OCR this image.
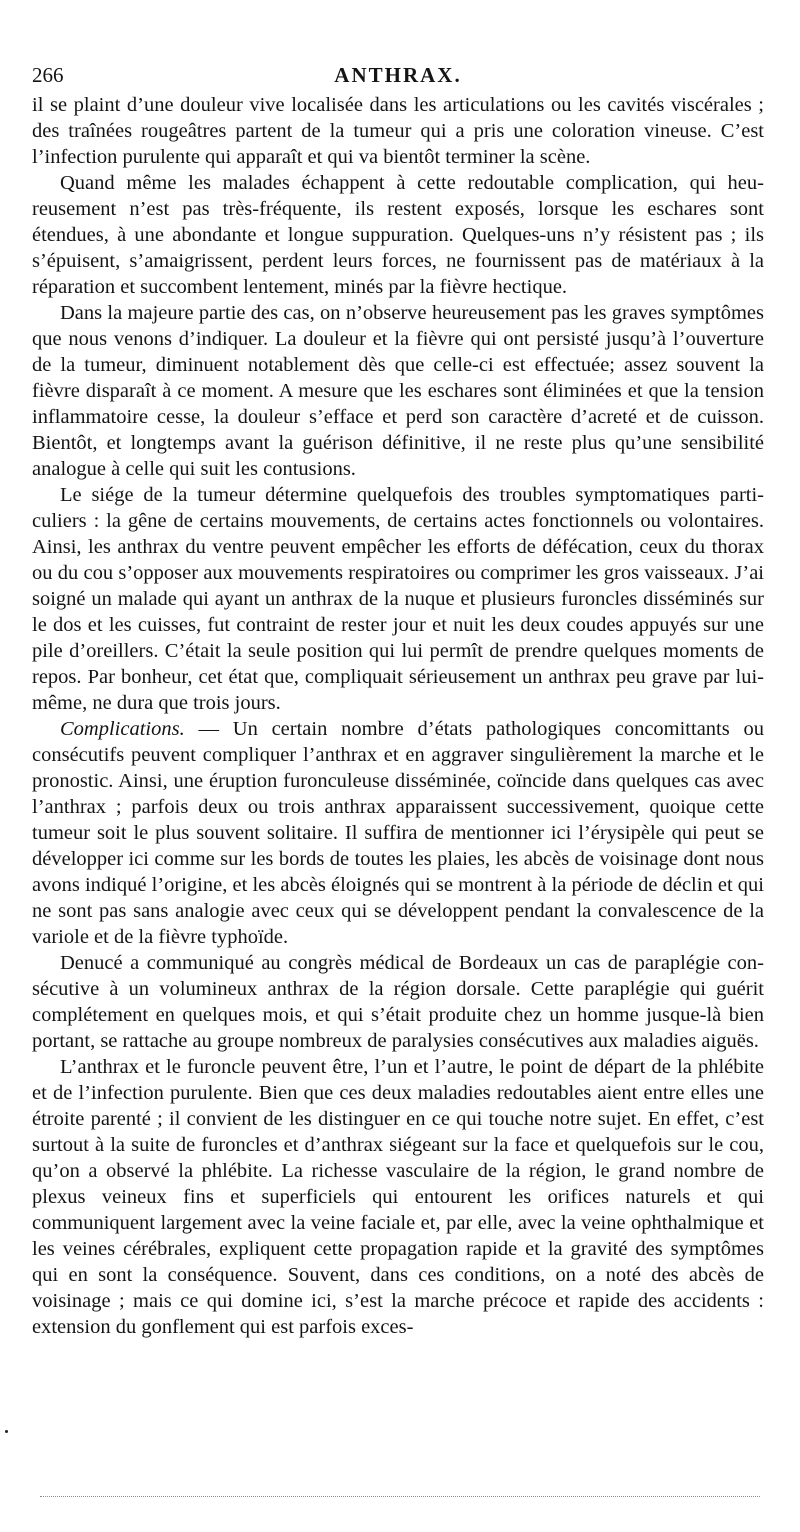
266	ANTHRAX.

il se plaint d’une douleur vive localisée dans les articulations ou les cavités viscérales ; des traînées rougeâtres partent de la tumeur qui a pris une coloration vineuse. C’est l’infection purulente qui apparaît et qui va bientôt terminer la scène.

Quand même les malades échappent à cette redoutable complication, qui heureusement n’est pas très-fréquente, ils restent exposés, lorsque les eschares sont étendues, à une abondante et longue suppuration. Quelques-uns n’y résistent pas ; ils s’épuisent, s’amaigrissent, perdent leurs forces, ne fournissent pas de matériaux à la réparation et succombent lentement, minés par la fièvre hectique.

Dans la majeure partie des cas, on n’observe heureusement pas les graves symptômes que nous venons d’indiquer. La douleur et la fièvre qui ont persisté jusqu’à l’ouverture de la tumeur, diminuent notablement dès que celle-ci est effectuée; assez souvent la fièvre disparaît à ce moment. A mesure que les eschares sont éliminées et que la tension inflammatoire cesse, la douleur s’efface et perd son caractère d’acreté et de cuisson. Bientôt, et longtemps avant la guérison définitive, il ne reste plus qu’une sensibilité analogue à celle qui suit les contusions.

Le siége de la tumeur détermine quelquefois des troubles symptomatiques particuliers : la gêne de certains mouvements, de certains actes fonctionnels ou volontaires. Ainsi, les anthrax du ventre peuvent empêcher les efforts de défécation, ceux du thorax ou du cou s’opposer aux mouvements respiratoires ou comprimer les gros vaisseaux. J’ai soigné un malade qui ayant un anthrax de la nuque et plusieurs furoncles disséminés sur le dos et les cuisses, fut contraint de rester jour et nuit les deux coudes appuyés sur une pile d’oreillers. C’était la seule position qui lui permît de prendre quelques moments de repos. Par bonheur, cet état que, compliquait sérieusement un anthrax peu grave par lui-même, ne dura que trois jours.

Complications. — Un certain nombre d’états pathologiques concomittants ou consécutifs peuvent compliquer l’anthrax et en aggraver singulièrement la marche et le pronostic. Ainsi, une éruption furonculeuse disséminée, coïncide dans quelques cas avec l’anthrax ; parfois deux ou trois anthrax apparaissent successivement, quoique cette tumeur soit le plus souvent solitaire. Il suffira de mentionner ici l’érysipèle qui peut se développer ici comme sur les bords de toutes les plaies, les abcès de voisinage dont nous avons indiqué l’origine, et les abcès éloignés qui se montrent à la période de déclin et qui ne sont pas sans analogie avec ceux qui se développent pendant la convalescence de la variole et de la fièvre typhoïde.

Denucé a communiqué au congrès médical de Bordeaux un cas de paraplégie consécutive à un volumineux anthrax de la région dorsale. Cette paraplégie qui guérit complétement en quelques mois, et qui s’était produite chez un homme jusque-là bien portant, se rattache au groupe nombreux de paralysies consécutives aux maladies aiguës.

L’anthrax et le furoncle peuvent être, l’un et l’autre, le point de départ de la phlébite et de l’infection purulente. Bien que ces deux maladies redoutables aient entre elles une étroite parenté ; il convient de les distinguer en ce qui touche notre sujet. En effet, c’est surtout à la suite de furoncles et d’anthrax siégeant sur la face et quelquefois sur le cou, qu’on a observé la phlébite. La richesse vasculaire de la région, le grand nombre de plexus veineux fins et superficiels qui entourent les orifices naturels et qui communiquent largement avec la veine faciale et, par elle, avec la veine ophthalmique et les veines cérébrales, expliquent cette propagation rapide et la gravité des symptômes qui en sont la conséquence. Souvent, dans ces conditions, on a noté des abcès de voisinage ; mais ce qui domine ici, s’est la marche précoce et rapide des accidents : extension du gonflement qui est parfois exces-
